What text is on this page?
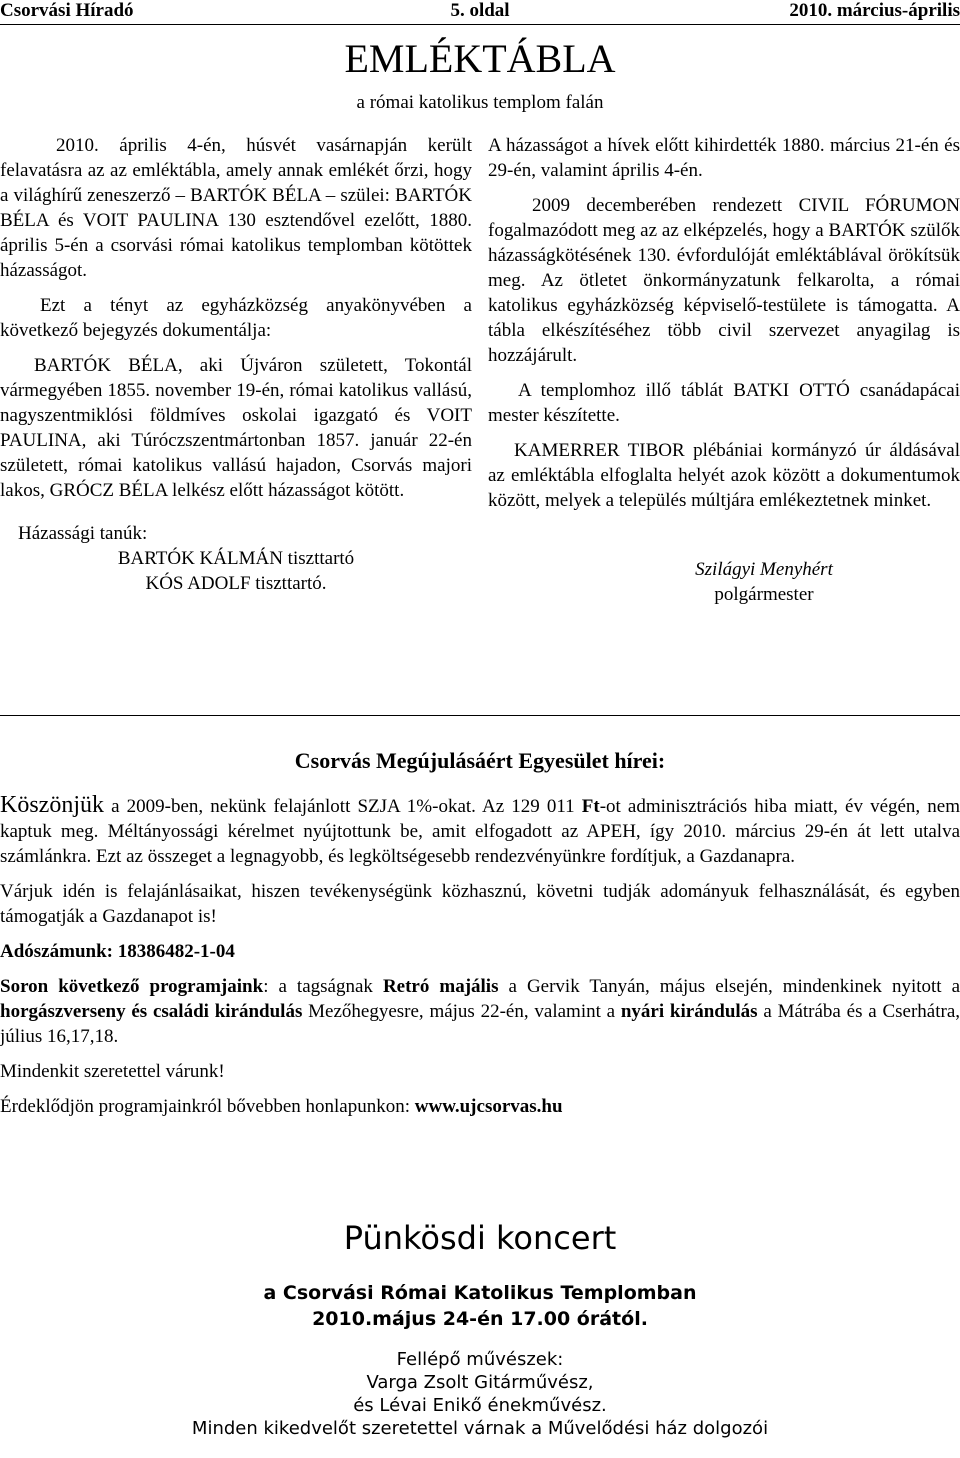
Csorvási Híradó	5. oldal	2010. március-április
EMLÉKTÁBLA
a római katolikus templom falán

2010. április 4-én, húsvét vasárnapján került felavatásra az az emléktábla, amely annak emlékét őrzi, hogy a világhírű zeneszerző – BARTÓK BÉLA – szülei: BARTÓK BÉLA és VOIT PAULINA 130 esztendővel ezelőtt, 1880. április 5-én a csorvási római katolikus templomban kötöttek házasságot.

Ezt a tényt az egyházközség anyakönyvében a következő bejegyzés dokumentálja:

BARTÓK BÉLA, aki Újváron született, Tokontál vármegyében 1855. november 19-én, római katolikus vallású, nagyszentmiklósi földmíves oskolai igazgató és VOIT PAULINA, aki Túróczszentmártonban 1857. január 22-én született, római katolikus vallású hajadon, Csorvás majori lakos, GRÓCZ BÉLA lelkész előtt házasságot kötött.

Házassági tanúk:

BARTÓK KÁLMÁN tiszttartó

KÓS ADOLF tiszttartó.

A házasságot a hívek előtt kihirdették 1880. március 21-én és 29-én, valamint április 4-én.

2009 decemberében rendezett CIVIL FÓRUMON fogalmazódott meg az az elképzelés, hogy a BARTÓK szülők házasságkötésének 130. évfordulóját emléktáblával örökítsük meg. Az ötletet önkormányzatunk felkarolta, a római katolikus egyházközség képviselő-testülete is támogatta. A tábla elkészítéséhez több civil szervezet anyagilag is hozzájárult.

A templomhoz illő táblát BATKI OTTÓ csanádapácai mester készítette.

KAMERRER TIBOR plébániai kormányzó úr áldásával az emléktábla elfoglalta helyét azok között a dokumentumok között, melyek a település múltjára emlékeztetnek minket.

Szilágyi Menyhért

polgármester

Csorvás Megújulásáért Egyesület hírei:

Köszönjük a 2009-ben, nekünk felajánlott SZJA 1%-okat. Az 129 011 Ft-ot adminisztrációs hiba miatt, év végén, nem kaptuk meg. Méltányossági kérelmet nyújtottunk be, amit elfogadott az APEH, így 2010. március 29-én át lett utalva számlánkra. Ezt az összeget a legnagyobb, és legköltségesebb rendezvényünkre fordítjuk, a Gazdanapra.

Várjuk idén is felajánlásaikat, hiszen tevékenységünk közhasznú, követni tudják adományuk felhasználását, és egyben támogatják a Gazdanapot is!

Adószámunk: 18386482-1-04

Soron következő programjaink: a tagságnak Retró majális a Gervik Tanyán, május elsején, mindenkinek nyitott a horgászverseny és családi kirándulás Mezőhegyesre, május 22-én, valamint a nyári kirándulás a Mátrába és a Cserhátra, július 16,17,18.

Mindenkit szeretettel várunk!

Érdeklődjön programjainkról bővebben honlapunkon: www.ujcsorvas.hu

Pünkösdi koncert
a Csorvási Római Katolikus Templomban
2010.május 24-én 17.00 órától.
Fellépő művészek:
Varga Zsolt Gitárművész,
és Lévai Enikő énekművész.
Minden kikedvelőt szeretettel várnak a Művelődési ház dolgozói
